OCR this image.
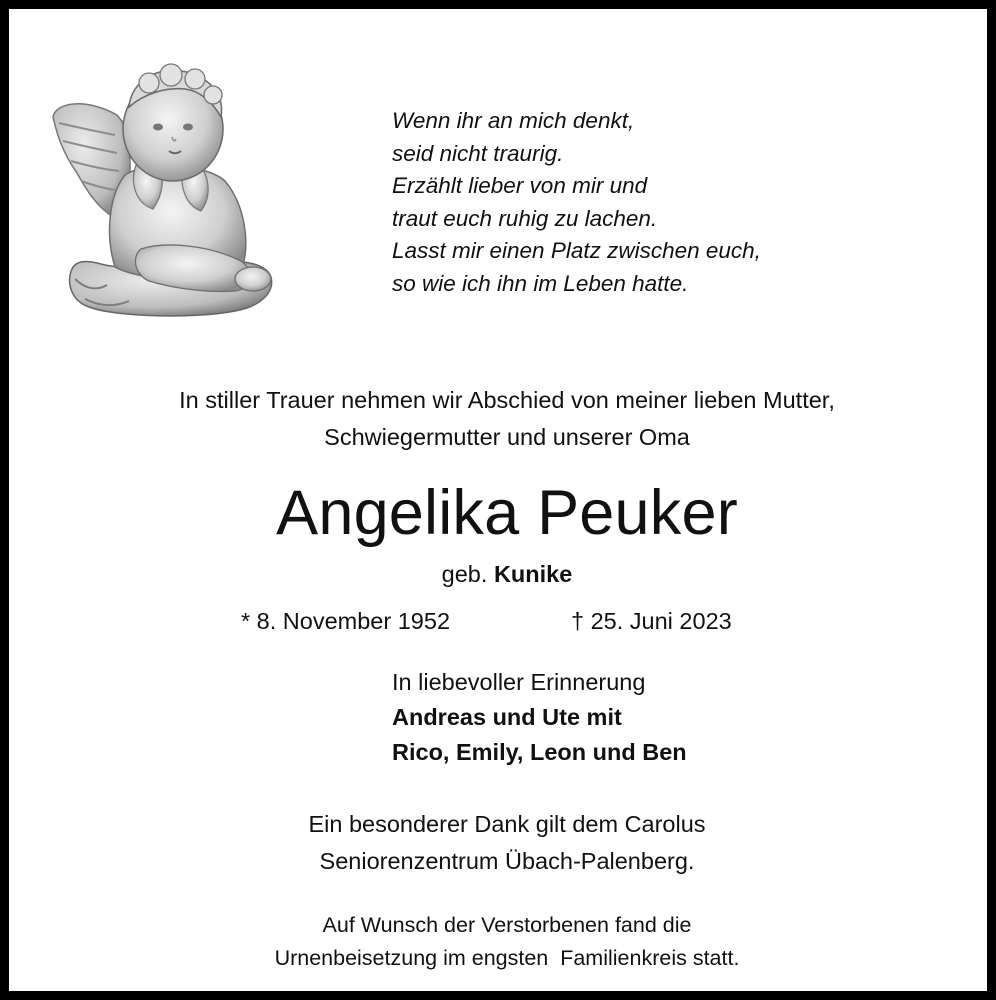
Wenn ihr an mich denkt,
seid nicht traurig.
Erzählt lieber von mir und
traut euch ruhig zu lachen.
Lasst mir einen Platz zwischen euch,
so wie ich ihn im Leben hatte.
In stiller Trauer nehmen wir Abschied von meiner lieben Mutter,
Schwiegermutter und unserer Oma
Angelika Peuker
geb. Kunike
* 8. November 1952	† 25. Juni 2023
In liebevoller Erinnerung
Andreas und Ute mit
Rico, Emily, Leon und Ben
Ein besonderer Dank gilt dem Carolus
Seniorenzentrum Übach-Palenberg.
Auf Wunsch der Verstorbenen fand die
Urnenbeisetzung im engsten  Familienkreis statt.
